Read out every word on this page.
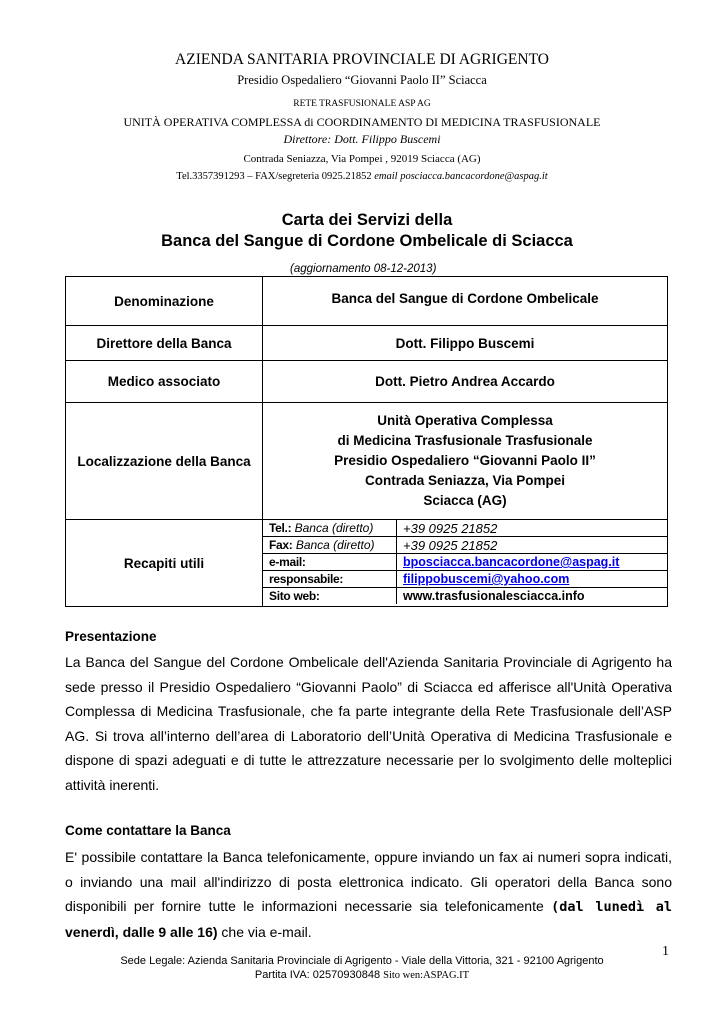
AZIENDA SANITARIA PROVINCIALE DI AGRIGENTO
Presidio Ospedaliero “Giovanni Paolo II” Sciacca
RETE TRASFUSIONALE ASP AG
UNITÀ OPERATIVA COMPLESSA di COORDINAMENTO DI MEDICINA TRASFUSIONALE
Direttore: Dott. Filippo Buscemi
Contrada Seniazza, Via Pompei , 92019 Sciacca (AG)
Tel.3357391293 – FAX/segreteria 0925.21852 email posciacca.bancacordone@aspag.it
Carta dei Servizi della
Banca del Sangue di Cordone Ombelicale di Sciacca
(aggiornamento 08-12-2013)
Denominazione	Banca del Sangue di Cordone Ombelicale
Direttore della Banca	Dott. Filippo Buscemi
Medico associato	Dott. Pietro Andrea Accardo
Localizzazione della Banca	
Unità Operativa Complessa
di Medicina Trasfusionale Trasfusionale
Presidio Ospedaliero “Giovanni Paolo II”
Contrada Seniazza, Via Pompei
Sciacca (AG)

Recapiti utili	
Tel.: Banca (diretto)	+39 0925 21852
Fax: Banca (diretto)	+39 0925 21852
e-mail:	bposciacca.bancacordone@aspag.it
responsabile:	filippobuscemi@yahoo.com
Sito web:	www.trasfusionalesciacca.info
Presentazione
La Banca del Sangue del Cordone Ombelicale dell'Azienda Sanitaria Provinciale di Agrigento ha sede presso il Presidio Ospedaliero “Giovanni Paolo” di Sciacca ed afferisce all'Unità Operativa Complessa di Medicina Trasfusionale, che fa parte integrante della Rete Trasfusionale dell’ASP AG. Si trova all’interno dell’area di Laboratorio dell’Unità Operativa di Medicina Trasfusionale e dispone di spazi adeguati e di tutte le attrezzature necessarie per lo svolgimento delle molteplici attività inerenti.
Come contattare la Banca
E' possibile contattare la Banca telefonicamente, oppure inviando un fax ai numeri sopra indicati, o inviando una mail all'indirizzo di posta elettronica indicato. Gli operatori della Banca sono disponibili per fornire tutte le informazioni necessarie sia telefonicamente (dal lunedì al venerdì, dalle 9 alle 16) che via e-mail.
1
Sede Legale: Azienda Sanitaria Provinciale di Agrigento - Viale della Vittoria, 321 - 92100 Agrigento
Partita IVA: 02570930848 Sito wen:ASPAG.IT
